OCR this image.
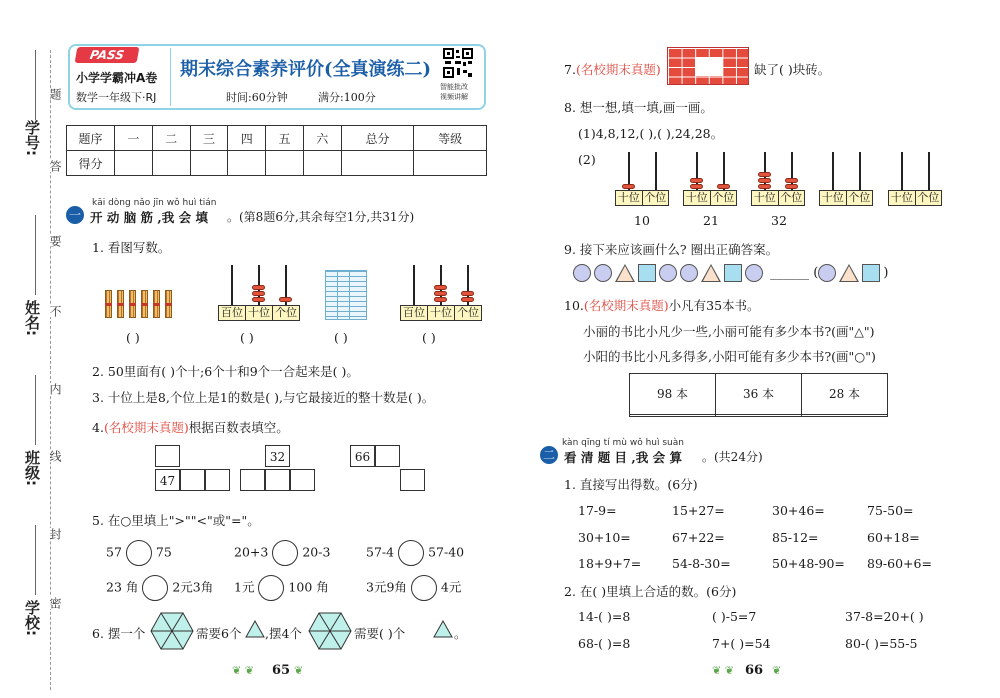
学号:
姓名:
班级:
学校:
题
答
要
不
内
线
封
密
PASS
小学学霸冲A卷
数学一年级下·RJ
期末综合素养评价(全真演练二)
时间:60分钟	满分:100分
智能批改
视频讲解
题序	一	二	三	四	五	六	总分	等级
得分								
kāi dòng nǎo jīn wǒ huì tián
一 开 动 脑 筋 ,我 会 填 。(第8题6分,其余每空1分,共31分)
1. 看图写数。
( )
百位 十位 个位
( )	( )
百位 十位 个位
( )
2. 50里面有( )个十;6个十和9个一合起来是( )。
3. 十位上是8,个位上是1的数是( ),与它最接近的整十数是( )。
4.(名校期末真题)根据百数表填空。
47
32	66
5. 在○里填上">""<"或"="。
57	75	20+3	20-3	57-4	57-40
23 角	2元3角 1元	100 角	3元9角	4元
6. 摆一个	需要6个 ,摆4个	需要( )个	。
❦ ❦ 65 ❦
7.(名校期末真题)	缺了( )块砖。
8. 想一想,填一填,画一画。
(1)4,8,12,( ),( ),24,28。
(2)
十位 个位
10
十位 个位
21
十位 个位
32
十位 个位 十位 个位
9. 接下来应该画什么? 圈出正确答案。
______ (	)
10.(名校期末真题)小凡有35本书。
小丽的书比小凡少一些,小丽可能有多少本书?(画"△")
小阳的书比小凡多得多,小阳可能有多少本书?(画"○")
98 本	36 本	28 本

kàn qīng tí mù wǒ huì suàn
二 看 清 题 目 ,我 会 算 。(共24分)
1. 直接写出得数。(6分)
17-9=	15+27=	30+46=	75-50=
30+10=	67+22=	85-12=	60+18=
18+9+7= 54-8-30=	50+48-90= 89-60+6=
2. 在( )里填上合适的数。(6分)
14-( )=8	( )-5=7	37-8=20+( )
68-( )=8	7+( )=54	80-( )=55-5
❦ ❦ 66 ❦
